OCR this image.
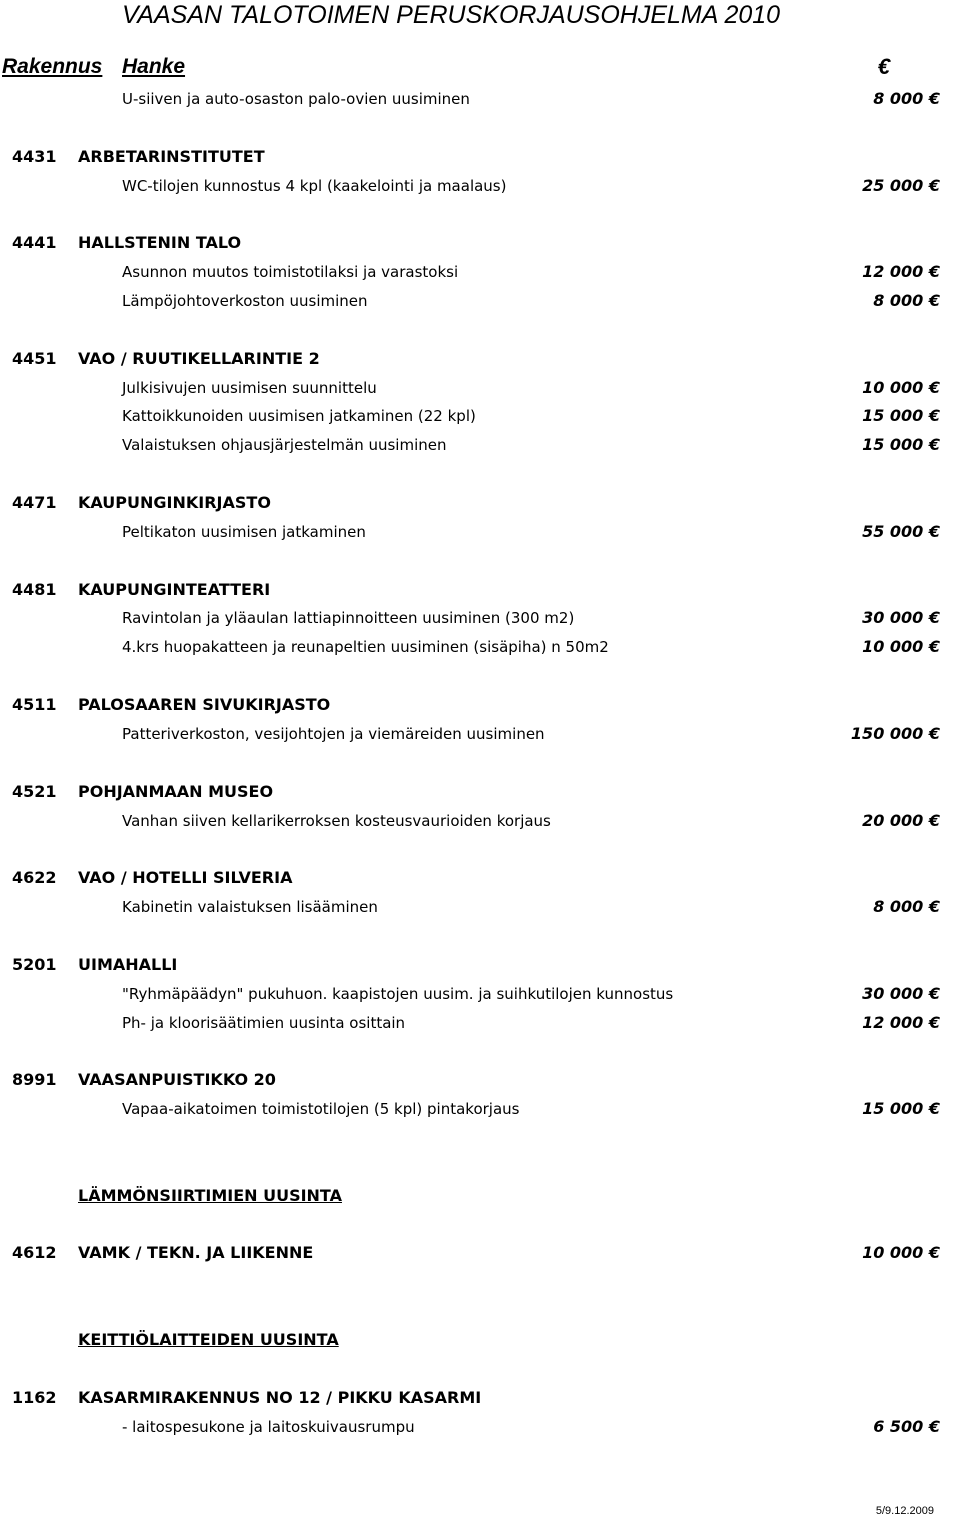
VAASAN TALOTOIMEN PERUSKORJAUSOHJELMA 2010
Rakennus Hanke	€
U-siiven ja auto-osaston palo-ovien uusiminen	8 000 €
4431	ARBETARINSTITUTET
WC-tilojen kunnostus 4 kpl (kaakelointi ja maalaus)	25 000 €
4441	HALLSTENIN TALO
Asunnon muutos toimistotilaksi ja varastoksi	12 000 €
Lämpöjohtoverkoston uusiminen	8 000 €
4451	VAO / RUUTIKELLARINTIE 2
Julkisivujen uusimisen suunnittelu	10 000 €
Kattoikkunoiden uusimisen jatkaminen (22 kpl)	15 000 €
Valaistuksen ohjausjärjestelmän uusiminen	15 000 €
4471	KAUPUNGINKIRJASTO
Peltikaton uusimisen jatkaminen	55 000 €
4481	KAUPUNGINTEATTERI
Ravintolan ja yläaulan lattiapinnoitteen uusiminen (300 m2)	30 000 €
4.krs huopakatteen ja reunapeltien uusiminen (sisäpiha) n 50m2	10 000 €
4511	PALOSAAREN SIVUKIRJASTO
Patteriverkoston, vesijohtojen ja viemäreiden uusiminen	150 000 €
4521	POHJANMAAN MUSEO
Vanhan siiven kellarikerroksen kosteusvaurioiden korjaus	20 000 €
4622	VAO / HOTELLI SILVERIA
Kabinetin valaistuksen lisääminen	8 000 €
5201	UIMAHALLI
"Ryhmäpäädyn" pukuhuon. kaapistojen uusim. ja suihkutilojen kunnostus	30 000 €
Ph- ja kloorisäätimien uusinta osittain	12 000 €
8991	VAASANPUISTIKKO 20
Vapaa-aikatoimen toimistotilojen (5 kpl) pintakorjaus	15 000 €
LÄMMÖNSIIRTIMIEN UUSINTA
4612	VAMK / TEKN. JA LIIKENNE	10 000 €
KEITTIÖLAITTEIDEN UUSINTA
1162	KASARMIRAKENNUS NO 12 / PIKKU KASARMI
- laitospesukone ja laitoskuivausrumpu	6 500 €
5/9.12.2009
